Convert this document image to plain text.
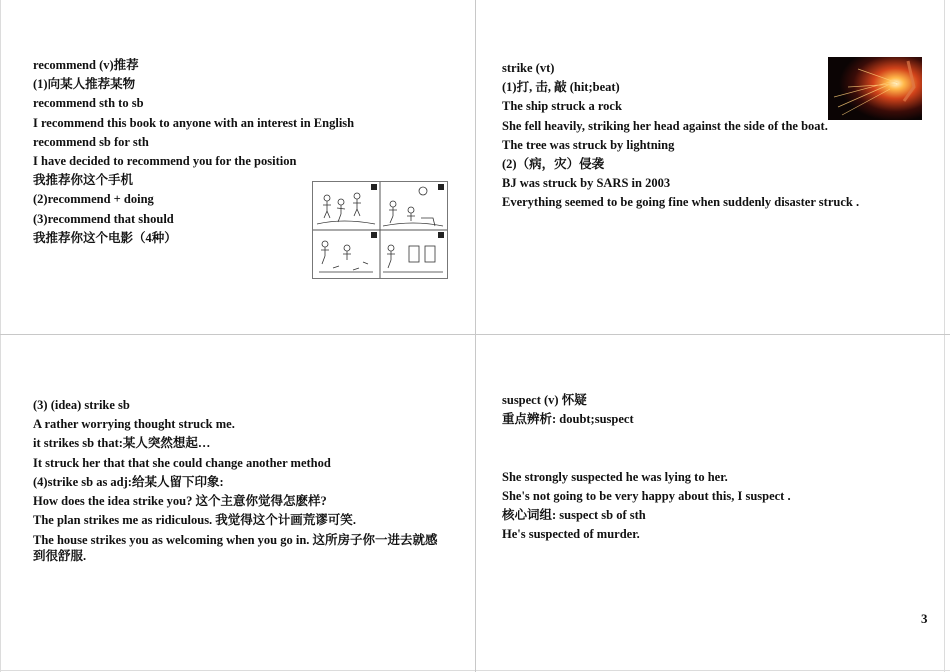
recommend (v)推荐
(1)向某人推荐某物
recommend sth to sb
I recommend this book to anyone with an interest in English
recommend sb for sth
I have decided to recommend you for the position
我推荐你这个手机
(2)recommend + doing
(3)recommend that should
我推荐你这个电影（4种）
strike (vt)
(1)打, 击, 敲 (hit;beat)
The ship struck a rock
She fell heavily, striking her head against the side of the boat.
The tree was struck by lightning
(2)（病，灾）侵袭
BJ was struck by SARS in 2003
Everything seemed to be going fine when suddenly disaster struck .
(3) (idea) strike sb
A rather worrying thought struck me.
it strikes sb that:某人突然想起…
It struck her that that she could change another method
(4)strike sb as adj:给某人留下印象:
How does the idea strike you? 这个主意你觉得怎麽样?
The plan strikes me as ridiculous. 我觉得这个计画荒谬可笑.
The house strikes you as welcoming when you go in. 这所房子你一进去就感到很舒服.
suspect (v) 怀疑
重点辨析: doubt;suspect
She strongly suspected he was lying to her.
She's not going to be very happy about this, I suspect .
核心词组: suspect sb of sth
He's suspected of murder.
3
